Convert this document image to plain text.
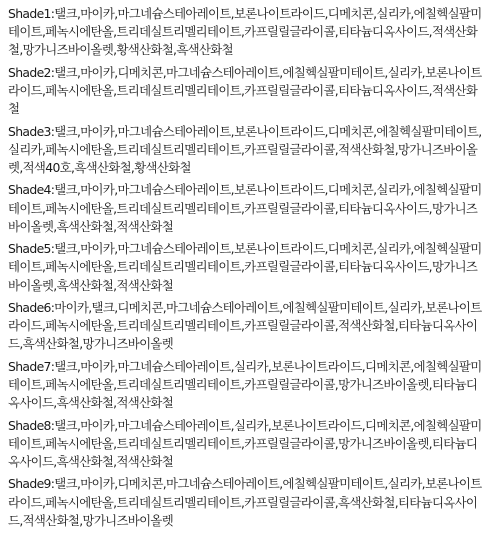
Shade1:탤크,마이카,마그네슘스테아레이트,보론나이트라이드,디메치콘,실리카,에칠헥실팔미테이트,페녹시에탄올,트리데실트리멜리테이트,카프릴릴글라이콜,티타늄디옥사이드,적색산화철,망가니즈바이올렛,황색산화철,흑색산화철

Shade2:탤크,마이카,디메치콘,마그네슘스테아레이트,에칠헥실팔미테이트,실리카,보론나이트라이드,페녹시에탄올,트리데실트리멜리테이트,카프릴릴글라이콜,티타늄디옥사이드,적색산화철

Shade3:탤크,마이카,마그네슘스테아레이트,보론나이트라이드,디메치콘,에칠헥실팔미테이트,실리카,페녹시에탄올,트리데실트리멜리테이트,카프릴릴글라이콜,적색산화철,망가니즈바이올렛,적색40호,흑색산화철,황색산화철

Shade4:탤크,마이카,마그네슘스테아레이트,보론나이트라이드,디메치콘,실리카,에칠헥실팔미테이트,페녹시에탄올,트리데실트리멜리테이트,카프릴릴글라이콜,티타늄디옥사이드,망가니즈바이올렛,흑색산화철,적색산화철

Shade5:탤크,마이카,마그네슘스테아레이트,보론나이트라이드,디메치콘,실리카,에칠헥실팔미테이트,페녹시에탄올,트리데실트리멜리테이트,카프릴릴글라이콜,티타늄디옥사이드,망가니즈바이올렛,흑색산화철,적색산화철

Shade6:마이카,탤크,디메치콘,마그네슘스테아레이트,에칠헥실팔미테이트,실리카,보론나이트라이드,페녹시에탄올,트리데실트리멜리테이트,카프릴릴글라이콜,적색산화철,티타늄디옥사이드,흑색산화철,망가니즈바이올렛

Shade7:탤크,마이카,마그네슘스테아레이트,실리카,보론나이트라이드,디메치콘,에칠헥실팔미테이트,페녹시에탄올,트리데실트리멜리테이트,카프릴릴글라이콜,망가니즈바이올렛,티타늄디옥사이드,흑색산화철,적색산화철

Shade8:탤크,마이카,마그네슘스테아레이트,실리카,보론나이트라이드,디메치콘,에칠헥실팔미테이트,페녹시에탄올,트리데실트리멜리테이트,카프릴릴글라이콜,망가니즈바이올렛,티타늄디옥사이드,흑색산화철,적색산화철

Shade9:탤크,마이카,디메치콘,마그네슘스테아레이트,에칠헥실팔미테이트,실리카,보론나이트라이드,페녹시에탄올,트리데실트리멜리테이트,카프릴릴글라이콜,흑색산화철,티타늄디옥사이드,적색산화철,망가니즈바이올렛
